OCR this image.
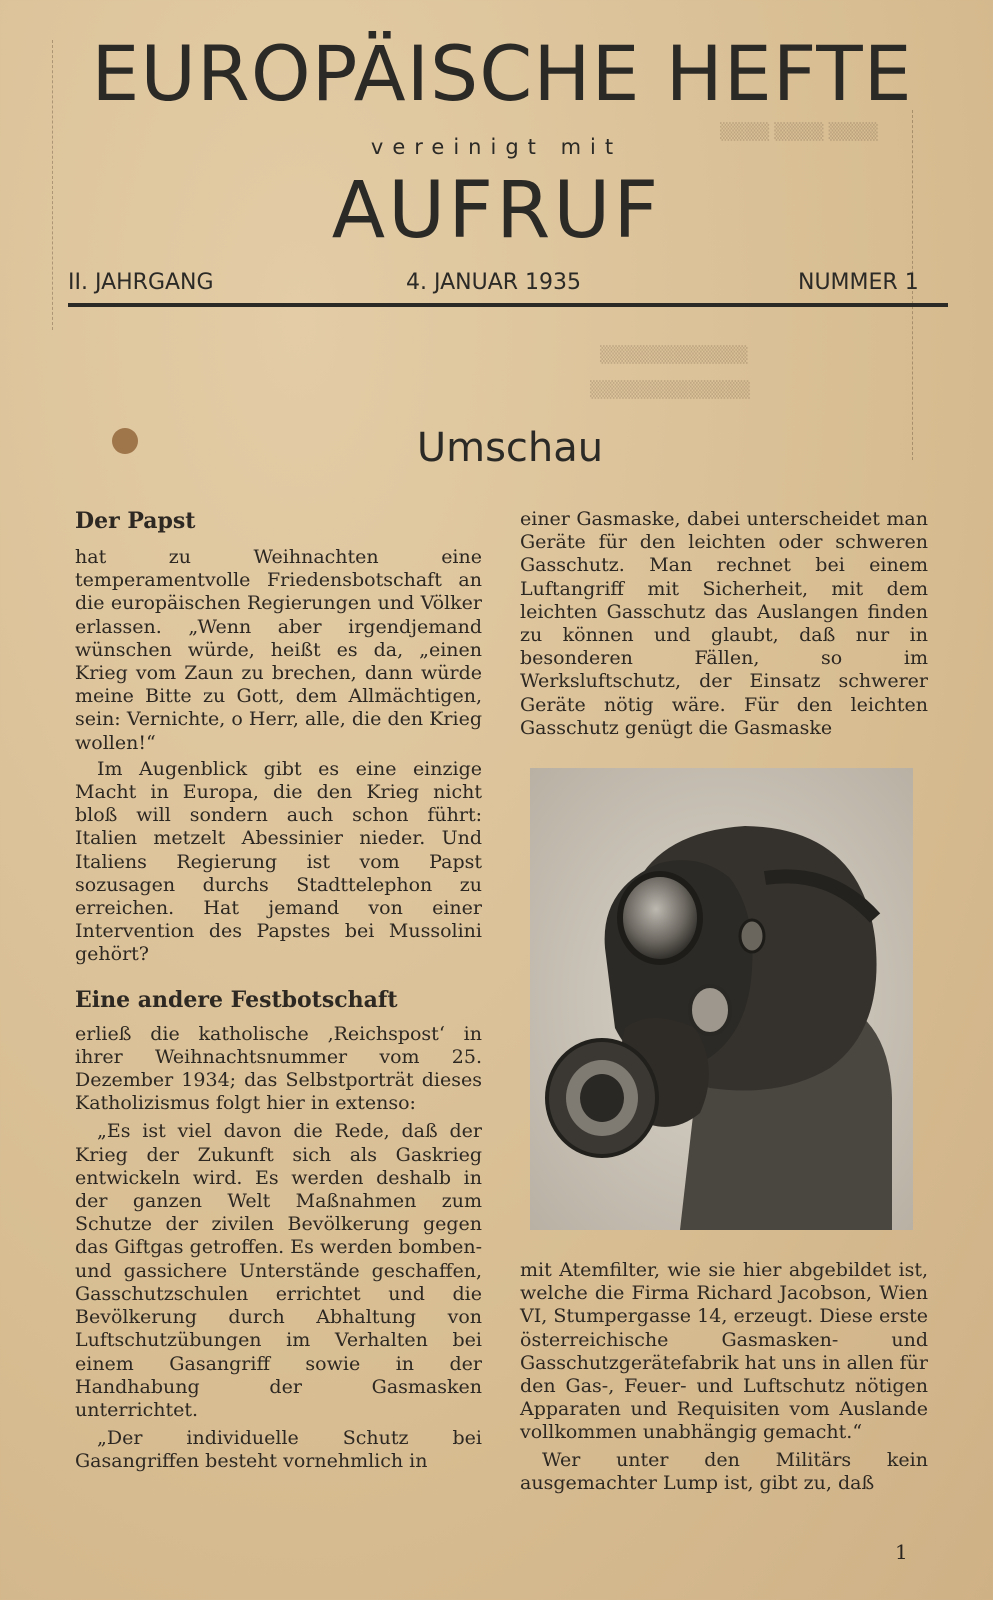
▒▒▒▒ ▒▒▒▒ ▒▒▒▒
▒▒▒▒▒▒▒▒▒▒▒▒
▒▒▒▒▒▒▒▒▒▒▒▒▒
EUROPÄISCHE HEFTE
vereinigt mit
AUFRUF
II. JAHRGANG	4. JANUAR 1935	NUMMER 1
Umschau
Der Papst

hat zu Weihnachten eine temperamentvolle Friedensbotschaft an die europäischen Regierungen und Völker erlassen. „Wenn aber irgendjemand wünschen würde, heißt es da, „einen Krieg vom Zaun zu brechen, dann würde meine Bitte zu Gott, dem Allmächtigen, sein: Vernichte, o Herr, alle, die den Krieg wollen!“

Im Augenblick gibt es eine einzige Macht in Europa, die den Krieg nicht bloß will sondern auch schon führt: Italien metzelt Abessinier nieder. Und Italiens Regierung ist vom Papst sozusagen durchs Stadttelephon zu erreichen. Hat jemand von einer Intervention des Papstes bei Mussolini gehört?

Eine andere Festbotschaft

erließ die katholische ‚Reichspost‘ in ihrer Weihnachtsnummer vom 25. Dezember 1934; das Selbstporträt dieses Katholizismus folgt hier in extenso:

„Es ist viel davon die Rede, daß der Krieg der Zukunft sich als Gaskrieg entwickeln wird. Es werden deshalb in der ganzen Welt Maßnahmen zum Schutze der zivilen Bevölkerung gegen das Giftgas getroffen. Es werden bomben- und gassichere Unterstände geschaffen, Gasschutzschulen errichtet und die Bevölkerung durch Abhaltung von Luftschutzübungen im Verhalten bei einem Gasangriff sowie in der Handhabung der Gasmasken unterrichtet.

„Der individuelle Schutz bei Gasangriffen besteht vornehmlich in

einer Gasmaske, dabei unterscheidet man Geräte für den leichten oder schweren Gasschutz. Man rechnet bei einem Luftangriff mit Sicherheit, mit dem leichten Gasschutz das Auslangen finden zu können und glaubt, daß nur in besonderen Fällen, so im Werksluftschutz, der Einsatz schwerer Geräte nötig wäre. Für den leichten Gasschutz genügt die Gasmaske

mit Atemfilter, wie sie hier abgebildet ist, welche die Firma Richard Jacobson, Wien VI, Stumpergasse 14, erzeugt. Diese erste österreichische Gasmasken- und Gasschutzgerätefabrik hat uns in allen für den Gas-, Feuer- und Luftschutz nötigen Apparaten und Requisiten vom Auslande vollkommen unabhängig gemacht.“

Wer unter den Militärs kein ausgemachter Lump ist, gibt zu, daß

1
